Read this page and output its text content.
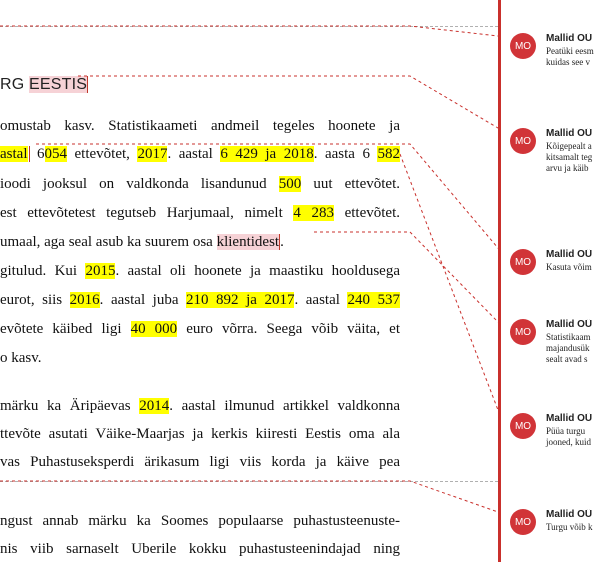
RG EESTIS
omustab kasv. Statistikaameti andmeil tegeles hoonete ja
astal 6054 ettevõtet, 2017. aastal 6 429 ja 2018. aasta 6 582
ioodi jooksul on valdkonda lisandunud 500 uut ettevõtet.
est ettevõtetest tegutseb Harjumaal, nimelt 4 283 ettevõtet.
umaal, aga seal asub ka suurem osa klientidest.
gitulud. Kui 2015. aastal oli hoonete ja maastiku hooldusega
eurot, siis 2016. aastal juba 210 892 ja 2017. aastal 240 537
evõtete käibed ligi 40 000 euro võrra. Seega võib väita, et
o kasv.
märku ka Äripäevas 2014. aastal ilmunud artikkel valdkonna
ttevõte asutati Väike-Maarjas ja kerkis kiiresti Eestis oma ala
vas Puhastuseksperdi ärikasum ligi viis korda ja käive pea
ngust annab märku ka Soomes populaarse puhastusteenuste-
nis viib sarnaselt Uberile kokku puhastusteenindajad ning
MO
Mallid OÜ
Peatüki eesm
kuidas see v
MO
Mallid OÜ
Kõigepealt a
kitsamalt teg
arvu ja käib
MO
Mallid OÜ
Kasuta võim
MO
Mallid OÜ
Statistikaam
majandusük
sealt avad s
MO
Mallid OÜ
Püüa turgu
jooned, kuid
MO
Mallid OÜ
Turgu võib k
